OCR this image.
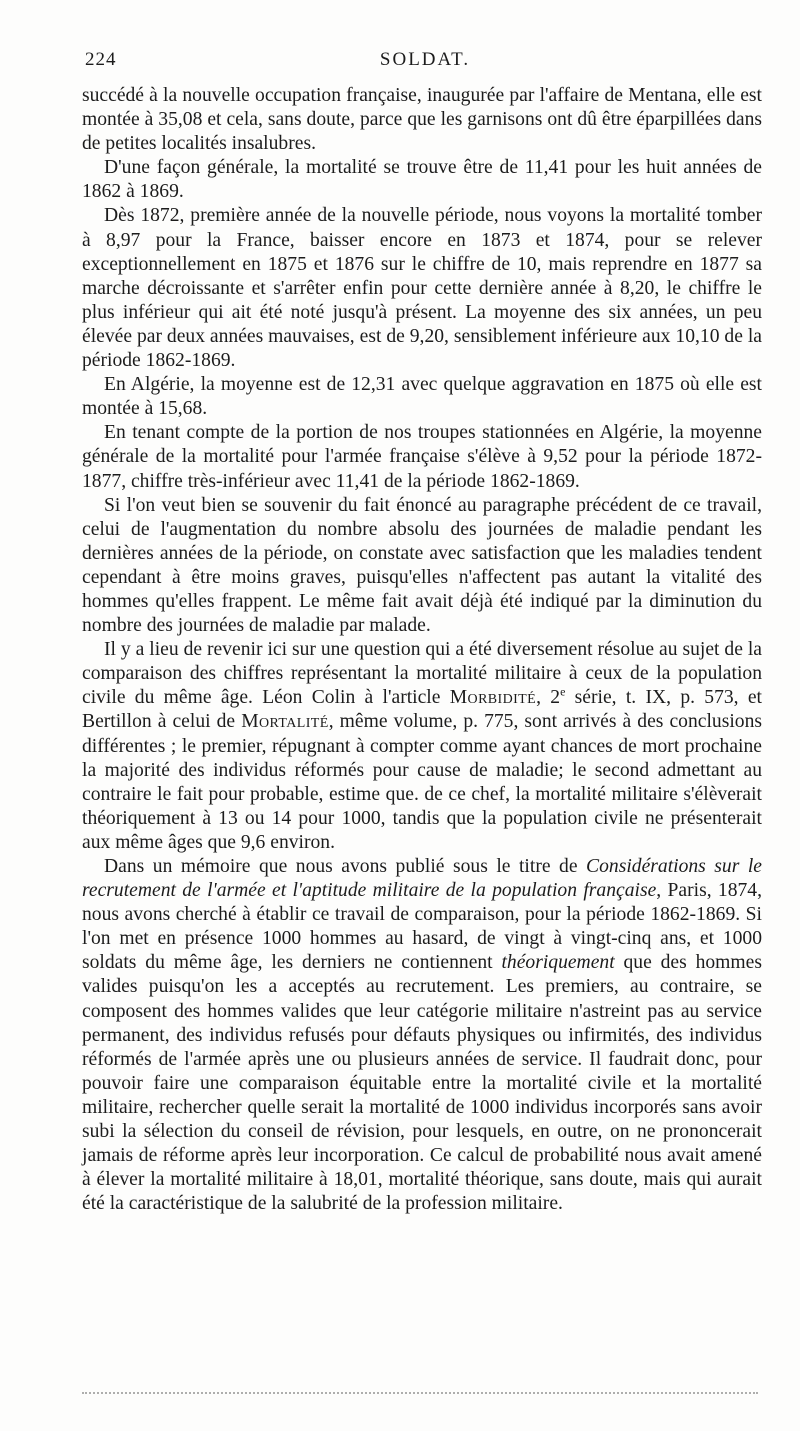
224	SOLDAT.

succédé à la nouvelle occupation française, inaugurée par l'affaire de Mentana, elle est montée à 35,08 et cela, sans doute, parce que les garnisons ont dû être éparpillées dans de petites localités insalubres.

D'une façon générale, la mortalité se trouve être de 11,41 pour les huit années de 1862 à 1869.

Dès 1872, première année de la nouvelle période, nous voyons la mortalité tomber à 8,97 pour la France, baisser encore en 1873 et 1874, pour se relever exceptionnellement en 1875 et 1876 sur le chiffre de 10, mais reprendre en 1877 sa marche décroissante et s'arrêter enfin pour cette dernière année à 8,20, le chiffre le plus inférieur qui ait été noté jusqu'à présent. La moyenne des six années, un peu élevée par deux années mauvaises, est de 9,20, sensiblement inférieure aux 10,10 de la période 1862-1869.

En Algérie, la moyenne est de 12,31 avec quelque aggravation en 1875 où elle est montée à 15,68.

En tenant compte de la portion de nos troupes stationnées en Algérie, la moyenne générale de la mortalité pour l'armée française s'élève à 9,52 pour la période 1872-1877, chiffre très-inférieur avec 11,41 de la période 1862-1869.

Si l'on veut bien se souvenir du fait énoncé au paragraphe précédent de ce travail, celui de l'augmentation du nombre absolu des journées de maladie pendant les dernières années de la période, on constate avec satisfaction que les maladies tendent cependant à être moins graves, puisqu'elles n'affectent pas autant la vitalité des hommes qu'elles frappent. Le même fait avait déjà été indiqué par la diminution du nombre des journées de maladie par malade.

Il y a lieu de revenir ici sur une question qui a été diversement résolue au sujet de la comparaison des chiffres représentant la mortalité militaire à ceux de la population civile du même âge. Léon Colin à l'article Morbidité, 2e série, t. IX, p. 573, et Bertillon à celui de Mortalité, même volume, p. 775, sont arrivés à des conclusions différentes ; le premier, répugnant à compter comme ayant chances de mort prochaine la majorité des individus réformés pour cause de maladie; le second admettant au contraire le fait pour probable, estime que. de ce chef, la mortalité militaire s'élèverait théoriquement à 13 ou 14 pour 1000, tandis que la population civile ne présenterait aux même âges que 9,6 environ.

Dans un mémoire que nous avons publié sous le titre de Considérations sur le recrutement de l'armée et l'aptitude militaire de la population française, Paris, 1874, nous avons cherché à établir ce travail de comparaison, pour la période 1862-1869. Si l'on met en présence 1000 hommes au hasard, de vingt à vingt-cinq ans, et 1000 soldats du même âge, les derniers ne contiennent théoriquement que des hommes valides puisqu'on les a acceptés au recrutement. Les premiers, au contraire, se composent des hommes valides que leur catégorie militaire n'astreint pas au service permanent, des individus refusés pour défauts physiques ou infirmités, des individus réformés de l'armée après une ou plusieurs années de service. Il faudrait donc, pour pouvoir faire une comparaison équitable entre la mortalité civile et la mortalité militaire, rechercher quelle serait la mortalité de 1000 individus incorporés sans avoir subi la sélection du conseil de révision, pour lesquels, en outre, on ne prononcerait jamais de réforme après leur incorporation. Ce calcul de probabilité nous avait amené à élever la mortalité militaire à 18,01, mortalité théorique, sans doute, mais qui aurait été la caractéristique de la salubrité de la profession militaire.
